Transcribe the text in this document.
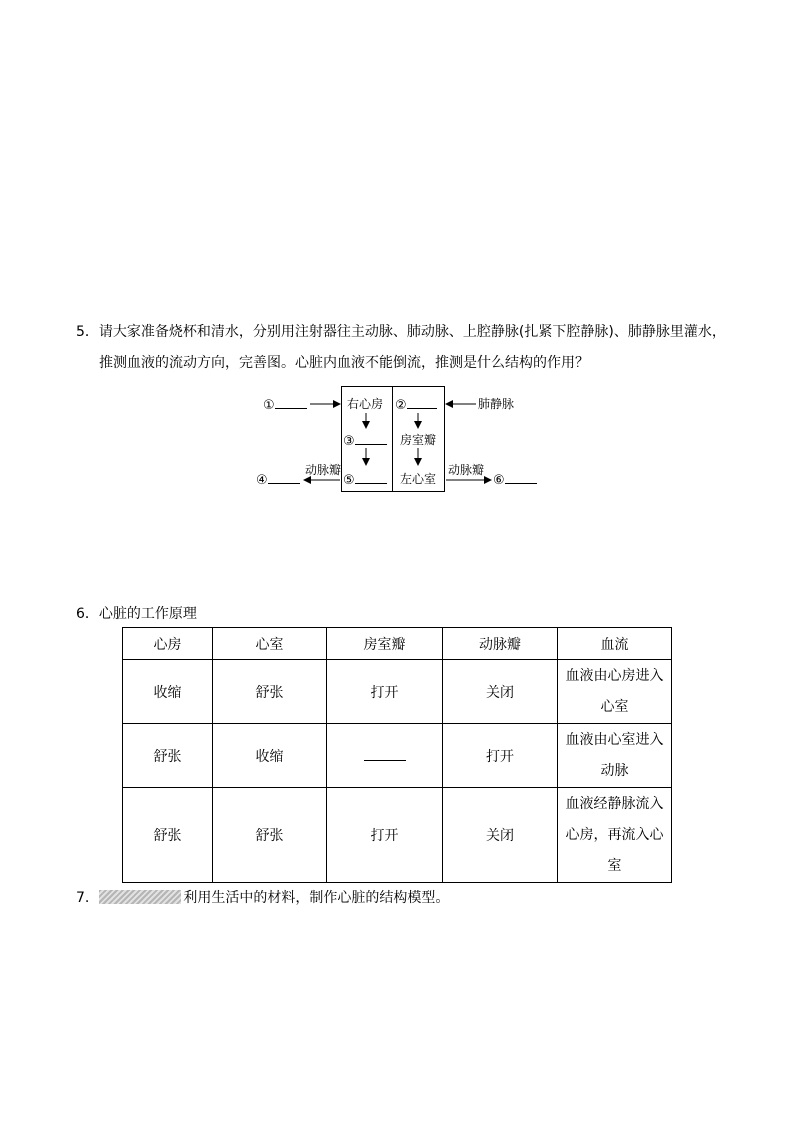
5．请大家准备烧杯和清水，分别用注射器往主动脉、肺动脉、上腔静脉(扎紧下腔静脉)、肺静脉里灌水，
推测血液的流动方向，完善图。心脏内血液不能倒流，推测是什么结构的作用？
①	右心房 ②	肺静脉
③	房室瓣
动脉瓣	动脉瓣
④	⑤	左心室	⑥
6．心脏的工作原理
心房	心室	房室瓣	动脉瓣	血流
收缩	舒张	打开	关闭	血液由心房进入心室

舒张	收缩		打开	血液由心室进入动脉

舒张	舒张	打开	关闭	血液经静脉流入心房，再流入心室
7.	利用生活中的材料，制作心脏的结构模型。
